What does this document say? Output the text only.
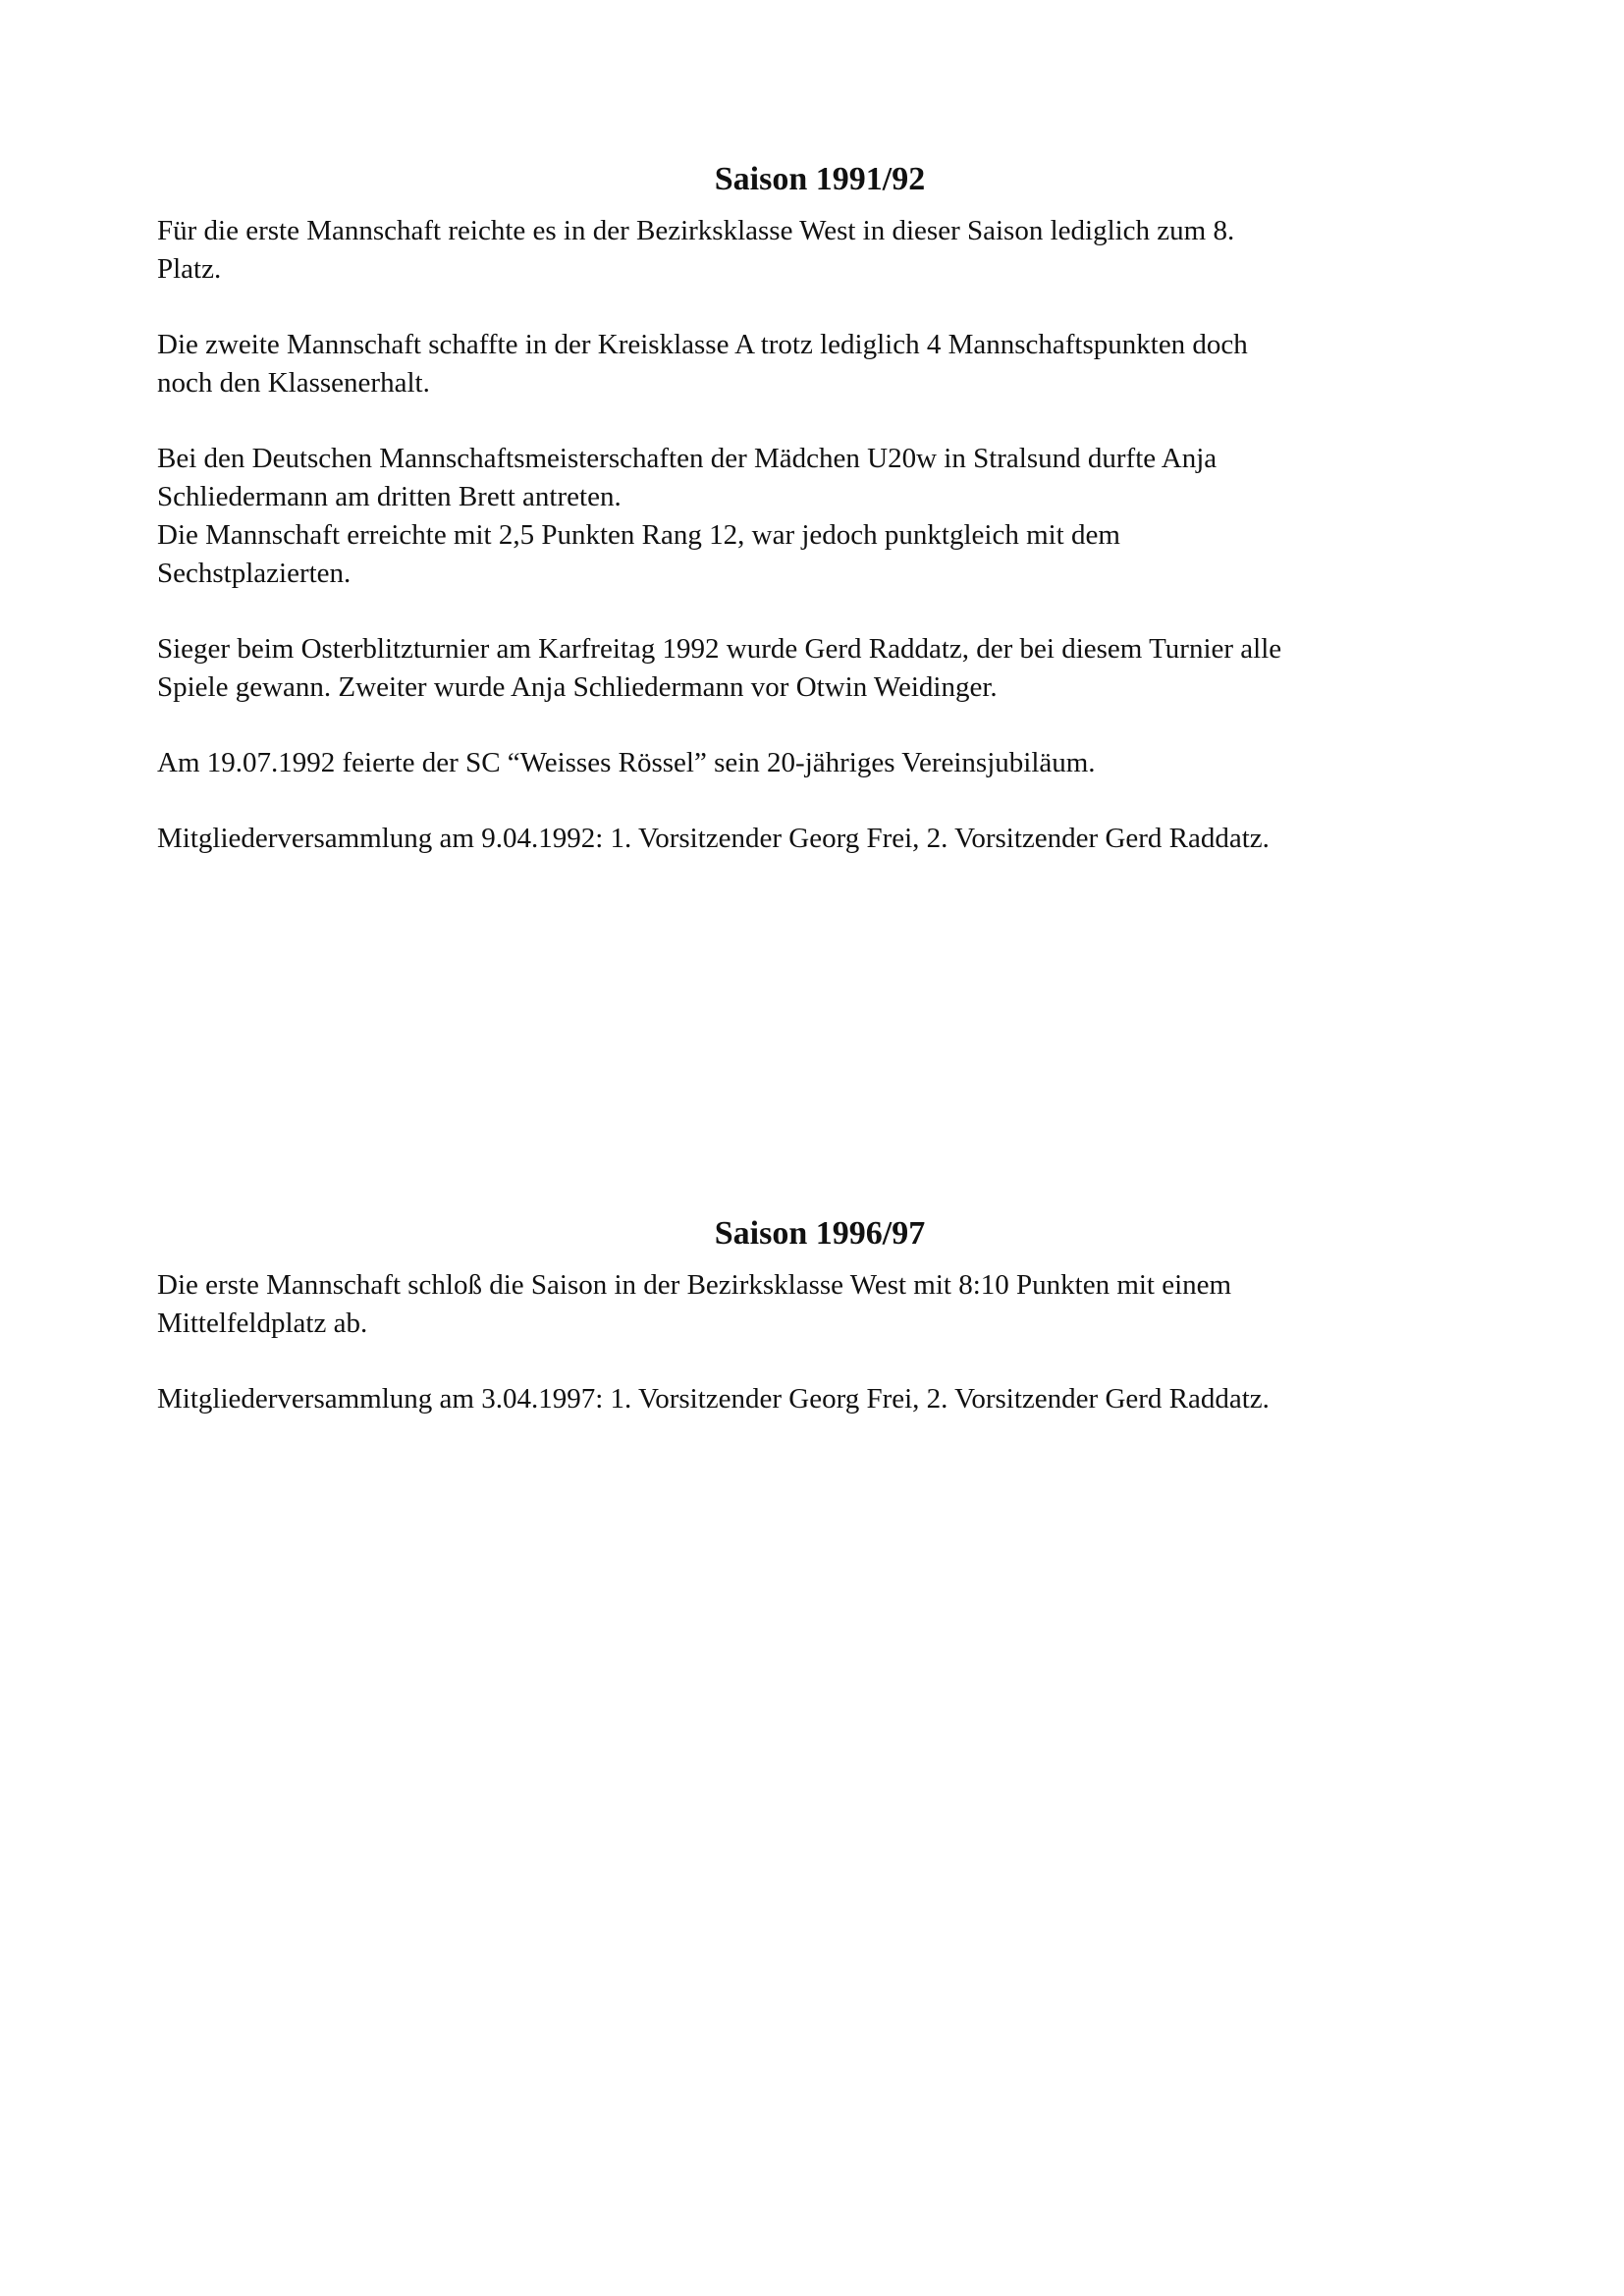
Saison 1991/92
Für die erste Mannschaft reichte es in der Bezirksklasse West in dieser Saison lediglich zum 8.
Platz.
Die zweite Mannschaft schaffte in der Kreisklasse A trotz lediglich 4 Mannschaftspunkten doch
noch den Klassenerhalt.
Bei den Deutschen Mannschaftsmeisterschaften der Mädchen U20w in Stralsund durfte Anja
Schliedermann am dritten Brett antreten.
Die Mannschaft erreichte mit 2,5 Punkten Rang 12, war jedoch punktgleich mit dem
Sechstplazierten.
Sieger beim Osterblitzturnier am Karfreitag 1992 wurde Gerd Raddatz, der bei diesem Turnier alle
Spiele gewann. Zweiter wurde Anja Schliedermann vor Otwin Weidinger.
Am 19.07.1992 feierte der SC “Weisses Rössel” sein 20-jähriges Vereinsjubiläum.
Mitgliederversammlung am 9.04.1992: 1. Vorsitzender Georg Frei, 2. Vorsitzender Gerd Raddatz.
Saison 1996/97
Die erste Mannschaft schloß die Saison in der Bezirksklasse West mit 8:10 Punkten mit einem
Mittelfeldplatz ab.
Mitgliederversammlung am 3.04.1997: 1. Vorsitzender Georg Frei, 2. Vorsitzender Gerd Raddatz.
